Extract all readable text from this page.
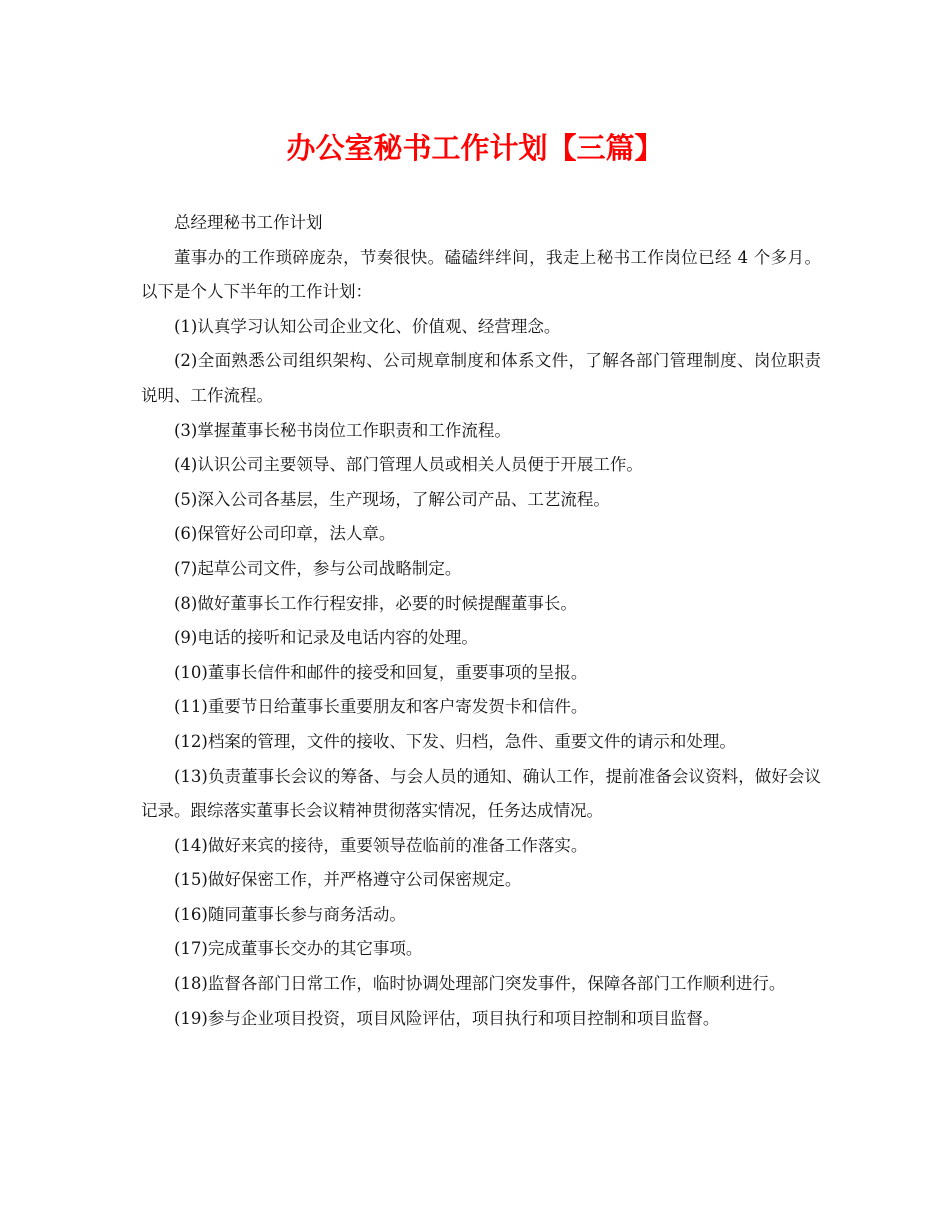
办公室秘书工作计划【三篇】

总经理秘书工作计划

董事办的工作琐碎庞杂，节奏很快。磕磕绊绊间，我走上秘书工作岗位已经 4 个多月。以下是个人下半年的工作计划：

(1)认真学习认知公司企业文化、价值观、经营理念。

(2)全面熟悉公司组织架构、公司规章制度和体系文件，了解各部门管理制度、岗位职责说明、工作流程。

(3)掌握董事长秘书岗位工作职责和工作流程。

(4)认识公司主要领导、部门管理人员或相关人员便于开展工作。

(5)深入公司各基层，生产现场，了解公司产品、工艺流程。

(6)保管好公司印章，法人章。

(7)起草公司文件，参与公司战略制定。

(8)做好董事长工作行程安排，必要的时候提醒董事长。

(9)电话的接听和记录及电话内容的处理。

(10)董事长信件和邮件的接受和回复，重要事项的呈报。

(11)重要节日给董事长重要朋友和客户寄发贺卡和信件。

(12)档案的管理，文件的接收、下发、归档，急件、重要文件的请示和处理。

(13)负责董事长会议的筹备、与会人员的通知、确认工作，提前准备会议资料，做好会议记录。跟综落实董事长会议精神贯彻落实情况，任务达成情况。

(14)做好来宾的接待，重要领导莅临前的准备工作落实。

(15)做好保密工作，并严格遵守公司保密规定。

(16)随同董事长参与商务活动。

(17)完成董事长交办的其它事项。

(18)监督各部门日常工作，临时协调处理部门突发事件，保障各部门工作顺利进行。

(19)参与企业项目投资，项目风险评估，项目执行和项目控制和项目监督。
